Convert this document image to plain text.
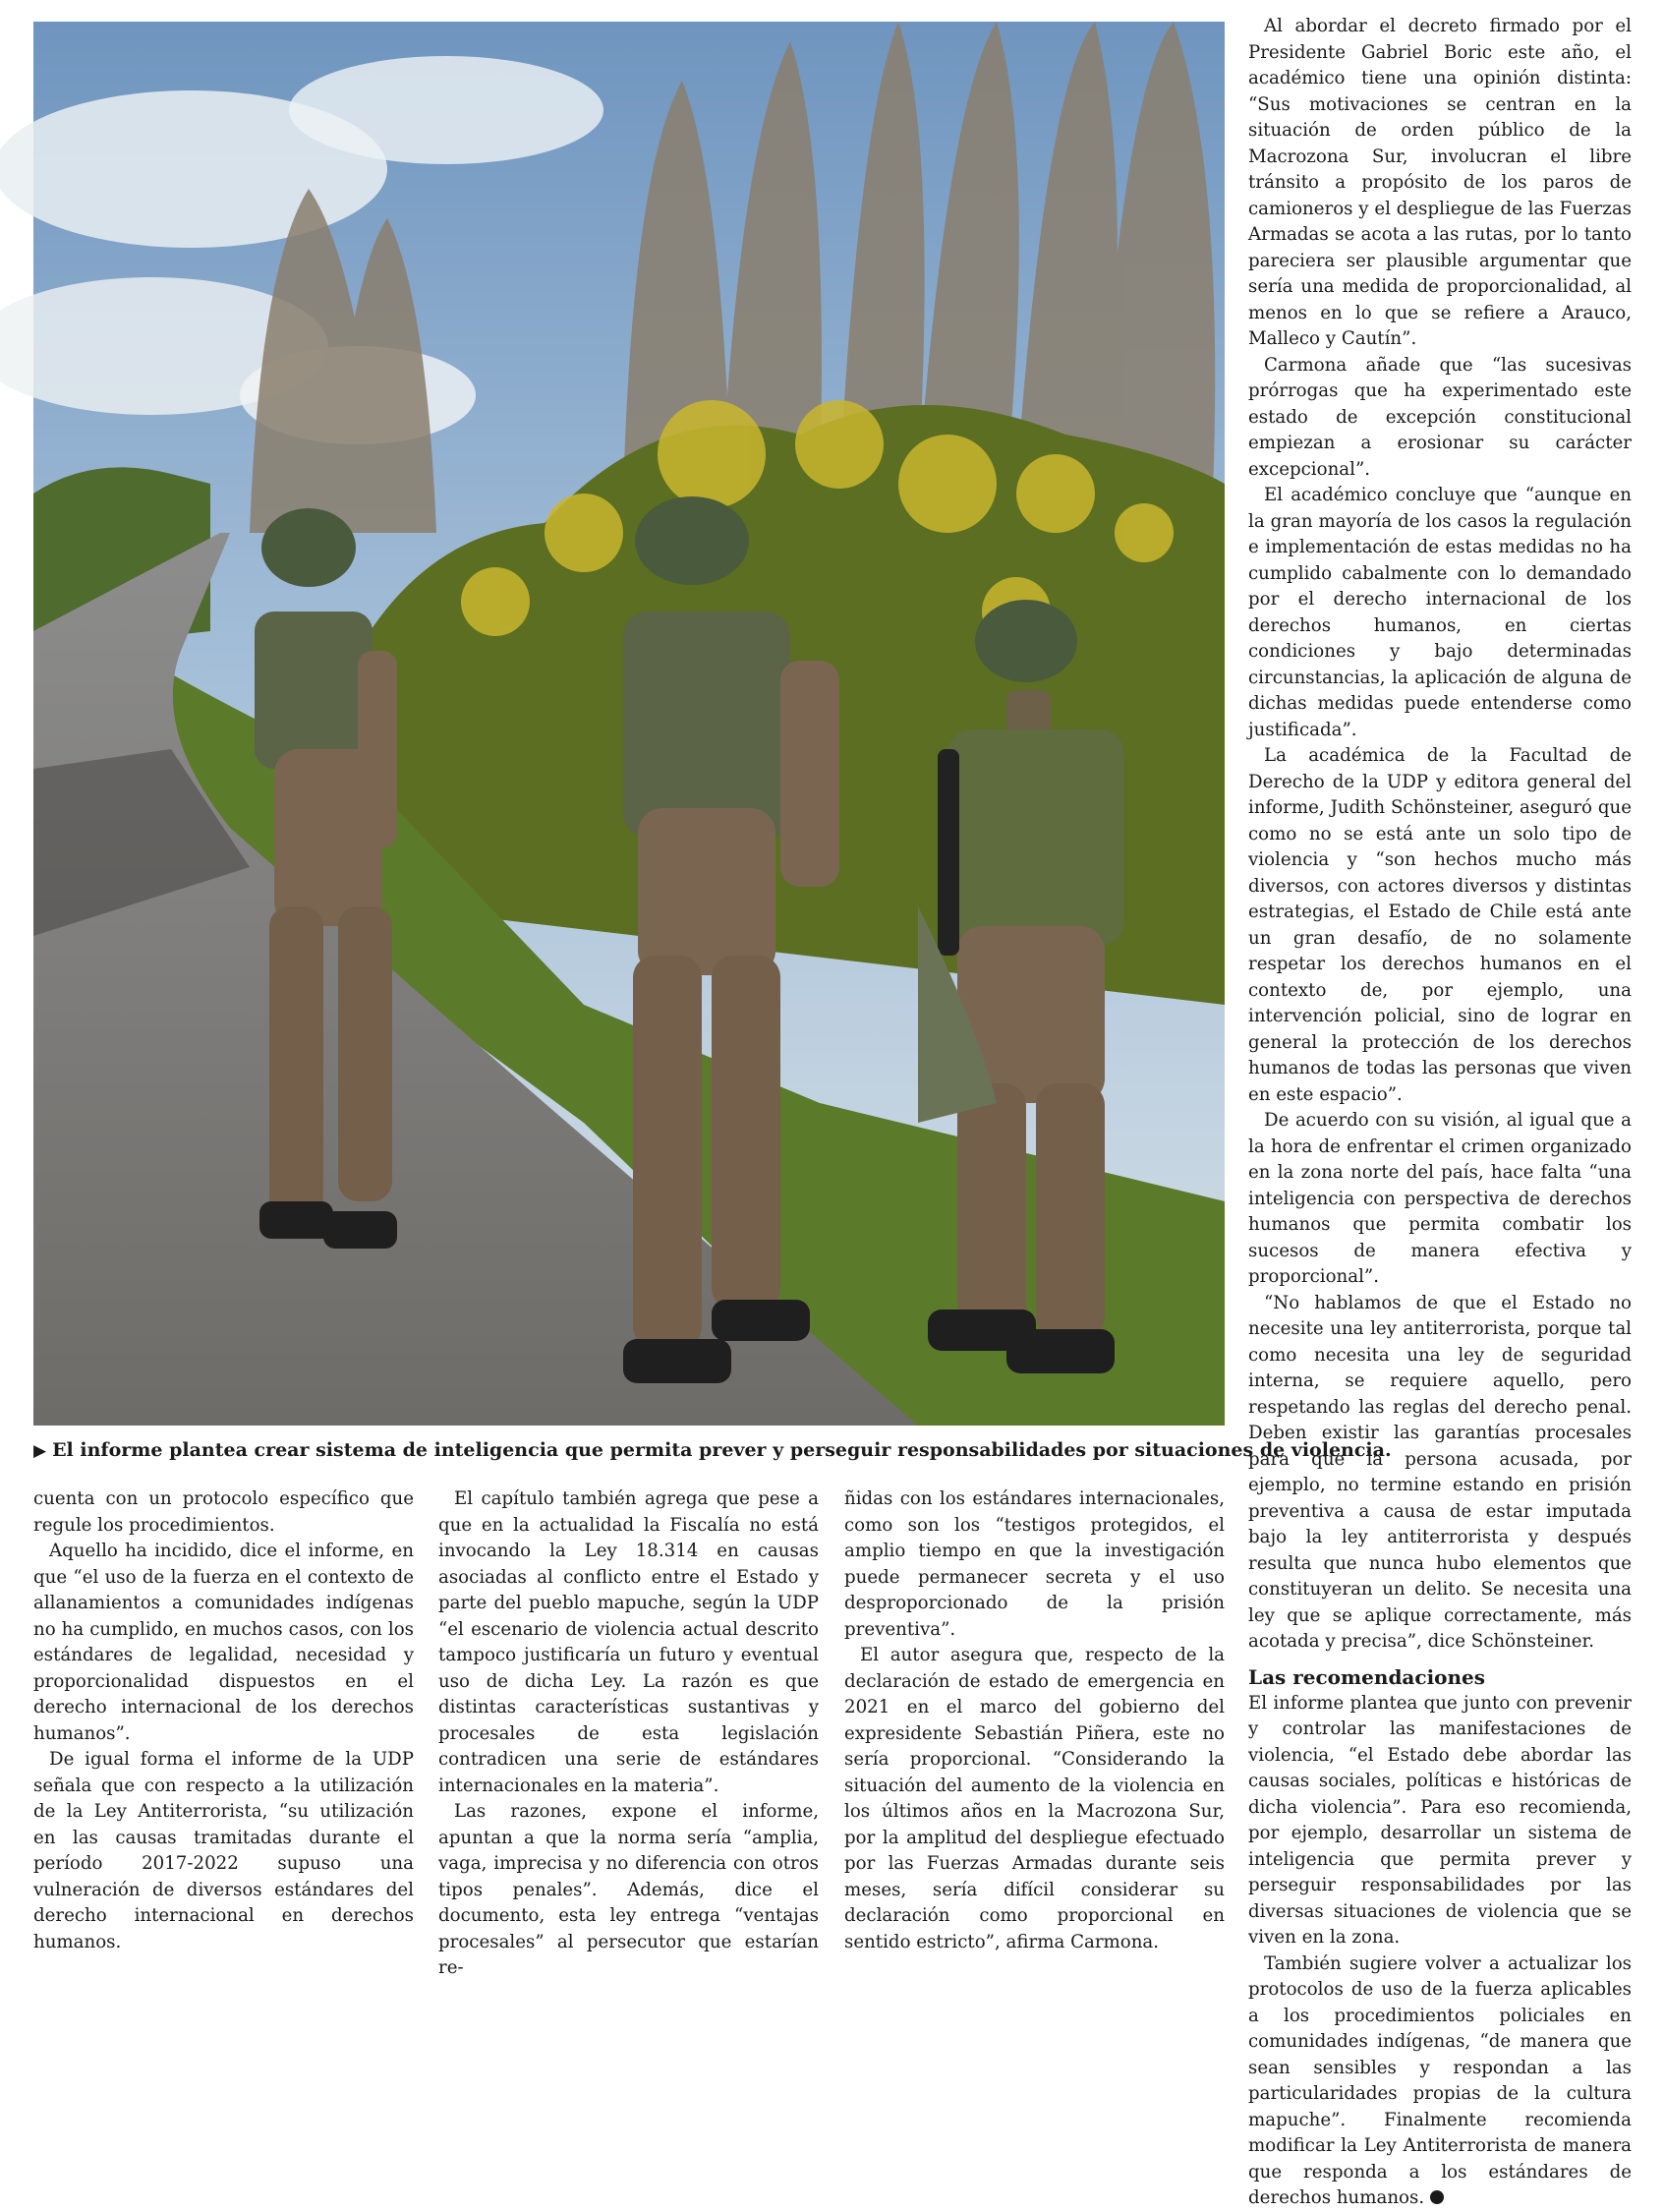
▶ El informe plantea crear sistema de inteligencia que permita prever y perseguir responsabilidades por situaciones de violencia.

cuenta con un protocolo específico que regule los procedimientos.

Aquello ha incidido, dice el informe, en que “el uso de la fuerza en el contexto de allanamientos a comunidades indígenas no ha cumplido, en muchos casos, con los estándares de legalidad, necesidad y proporcionalidad dispuestos en el derecho internacional de los derechos humanos”.

De igual forma el informe de la UDP señala que con respecto a la utilización de la Ley Antiterrorista, “su utilización en las causas tramitadas durante el período 2017-2022 supuso una vulneración de diversos estándares del derecho internacional en derechos humanos.

El capítulo también agrega que pese a que en la actualidad la Fiscalía no está invocando la Ley 18.314 en causas asociadas al conflicto entre el Estado y parte del pueblo mapuche, según la UDP “el escenario de violencia actual descrito tampoco justificaría un futuro y eventual uso de dicha Ley. La razón es que distintas características sustantivas y procesales de esta legislación contradicen una serie de estándares internacionales en la materia”.

Las razones, expone el informe, apuntan a que la norma sería “amplia, vaga, imprecisa y no diferencia con otros tipos penales”. Además, dice el documento, esta ley entrega “ventajas procesales” al persecutor que estarían re-

ñidas con los estándares internacionales, como son los “testigos protegidos, el amplio tiempo en que la investigación puede permanecer secreta y el uso desproporcionado de la prisión preventiva”.

El autor asegura que, respecto de la declaración de estado de emergencia en 2021 en el marco del gobierno del expresidente Sebastián Piñera, este no sería proporcional. “Considerando la situación del aumento de la violencia en los últimos años en la Macrozona Sur, por la amplitud del despliegue efectuado por las Fuerzas Armadas durante seis meses, sería difícil considerar su declaración como proporcional en sentido estricto”, afirma Carmona.

Al abordar el decreto firmado por el Presidente Gabriel Boric este año, el académico tiene una opinión distinta: “Sus motivaciones se centran en la situación de orden público de la Macrozona Sur, involucran el libre tránsito a propósito de los paros de camioneros y el despliegue de las Fuerzas Armadas se acota a las rutas, por lo tanto pareciera ser plausible argumentar que sería una medida de proporcionalidad, al menos en lo que se refiere a Arauco, Malleco y Cautín”.

Carmona añade que “las sucesivas prórrogas que ha experimentado este estado de excepción constitucional empiezan a erosionar su carácter excepcional”.

El académico concluye que “aunque en la gran mayoría de los casos la regulación e implementación de estas medidas no ha cumplido cabalmente con lo demandado por el derecho internacional de los derechos humanos, en ciertas condiciones y bajo determinadas circunstancias, la aplicación de alguna de dichas medidas puede entenderse como justificada”.

La académica de la Facultad de Derecho de la UDP y editora general del informe, Judith Schönsteiner, aseguró que como no se está ante un solo tipo de violencia y “son hechos mucho más diversos, con actores diversos y distintas estrategias, el Estado de Chile está ante un gran desafío, de no solamente respetar los derechos humanos en el contexto de, por ejemplo, una intervención policial, sino de lograr en general la protección de los derechos humanos de todas las personas que viven en este espacio”.

De acuerdo con su visión, al igual que a la hora de enfrentar el crimen organizado en la zona norte del país, hace falta “una inteligencia con perspectiva de derechos humanos que permita combatir los sucesos de manera efectiva y proporcional”.

“No hablamos de que el Estado no necesite una ley antiterrorista, porque tal como necesita una ley de seguridad interna, se requiere aquello, pero respetando las reglas del derecho penal. Deben existir las garantías procesales para que la persona acusada, por ejemplo, no termine estando en prisión preventiva a causa de estar imputada bajo la ley antiterrorista y después resulta que nunca hubo elementos que constituyeran un delito. Se necesita una ley que se aplique correctamente, más acotada y precisa”, dice Schönsteiner.

Las recomendaciones

El informe plantea que junto con prevenir y controlar las manifestaciones de violencia, “el Estado debe abordar las causas sociales, políticas e históricas de dicha violencia”. Para eso recomienda, por ejemplo, desarrollar un sistema de inteligencia que permita prever y perseguir responsabilidades por las diversas situaciones de violencia que se viven en la zona.

También sugiere volver a actualizar los protocolos de uso de la fuerza aplicables a los procedimientos policiales en comunidades indígenas, “de manera que sean sensibles y respondan a las particularidades propias de la cultura mapuche”. Finalmente recomienda modificar la Ley Antiterrorista de manera que responda a los estándares de derechos humanos.
